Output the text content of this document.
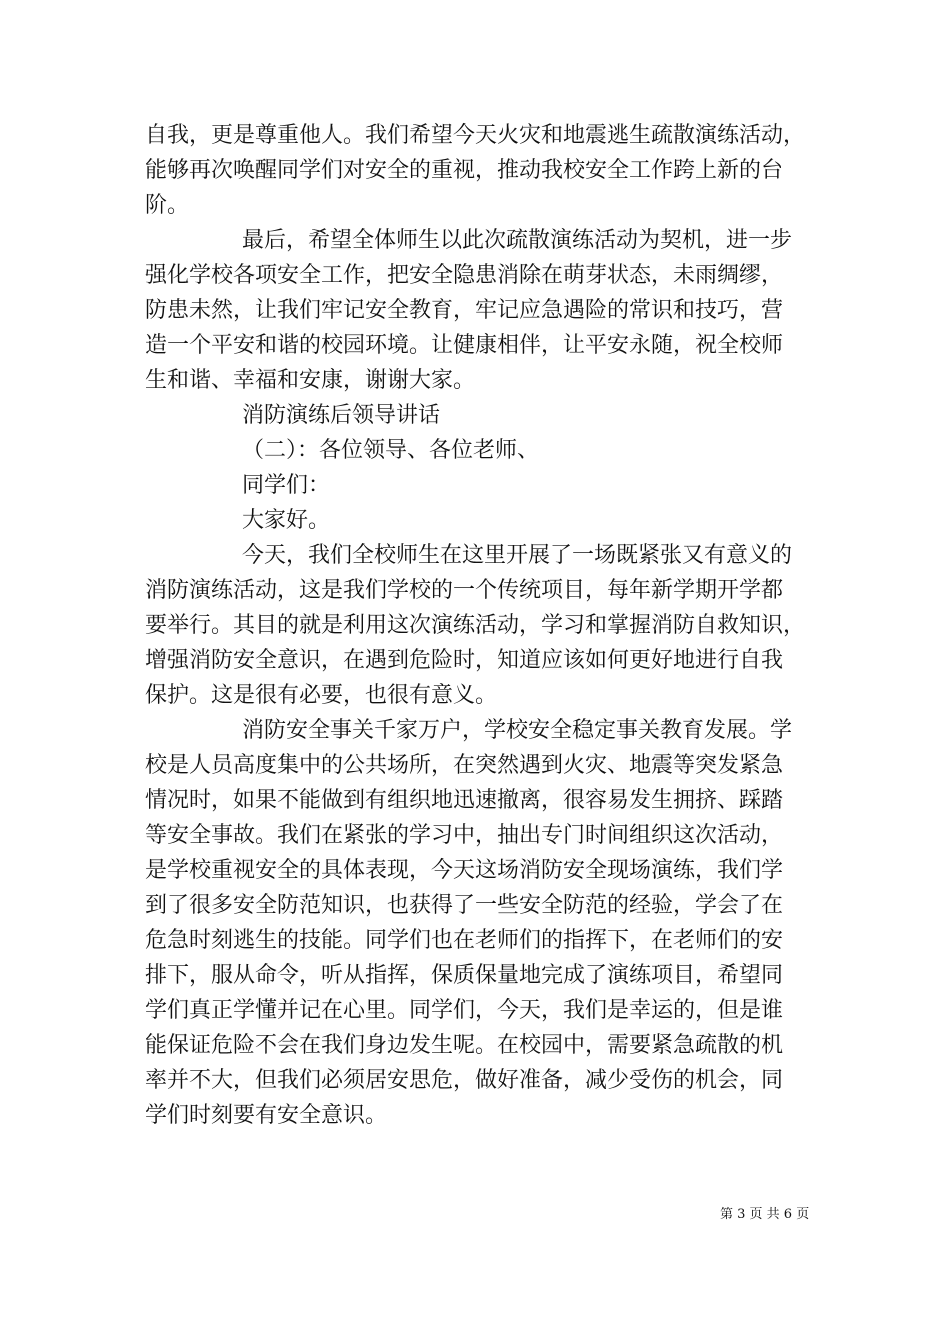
自我，更是尊重他人。我们希望今天火灾和地震逃生疏散演练活动，

能够再次唤醒同学们对安全的重视，推动我校安全工作跨上新的台

阶。

最后，希望全体师生以此次疏散演练活动为契机，进一步

强化学校各项安全工作，把安全隐患消除在萌芽状态，未雨绸缪，

防患未然，让我们牢记安全教育，牢记应急遇险的常识和技巧，营

造一个平安和谐的校园环境。让健康相伴，让平安永随，祝全校师

生和谐、幸福和安康，谢谢大家。

消防演练后领导讲话

（二）：各位领导、各位老师、

同学们：

大家好。

今天，我们全校师生在这里开展了一场既紧张又有意义的

消防演练活动，这是我们学校的一个传统项目，每年新学期开学都

要举行。其目的就是利用这次演练活动，学习和掌握消防自救知识，

增强消防安全意识，在遇到危险时，知道应该如何更好地进行自我

保护。这是很有必要，也很有意义。

消防安全事关千家万户，学校安全稳定事关教育发展。学

校是人员高度集中的公共场所，在突然遇到火灾、地震等突发紧急

情况时，如果不能做到有组织地迅速撤离，很容易发生拥挤、踩踏

等安全事故。我们在紧张的学习中，抽出专门时间组织这次活动，

是学校重视安全的具体表现，今天这场消防安全现场演练，我们学

到了很多安全防范知识，也获得了一些安全防范的经验，学会了在

危急时刻逃生的技能。同学们也在老师们的指挥下，在老师们的安

排下，服从命令，听从指挥，保质保量地完成了演练项目，希望同

学们真正学懂并记在心里。同学们，今天，我们是幸运的，但是谁

能保证危险不会在我们身边发生呢。在校园中，需要紧急疏散的机

率并不大，但我们必须居安思危，做好准备，减少受伤的机会，同

学们时刻要有安全意识。

第 3 页 共 6 页
